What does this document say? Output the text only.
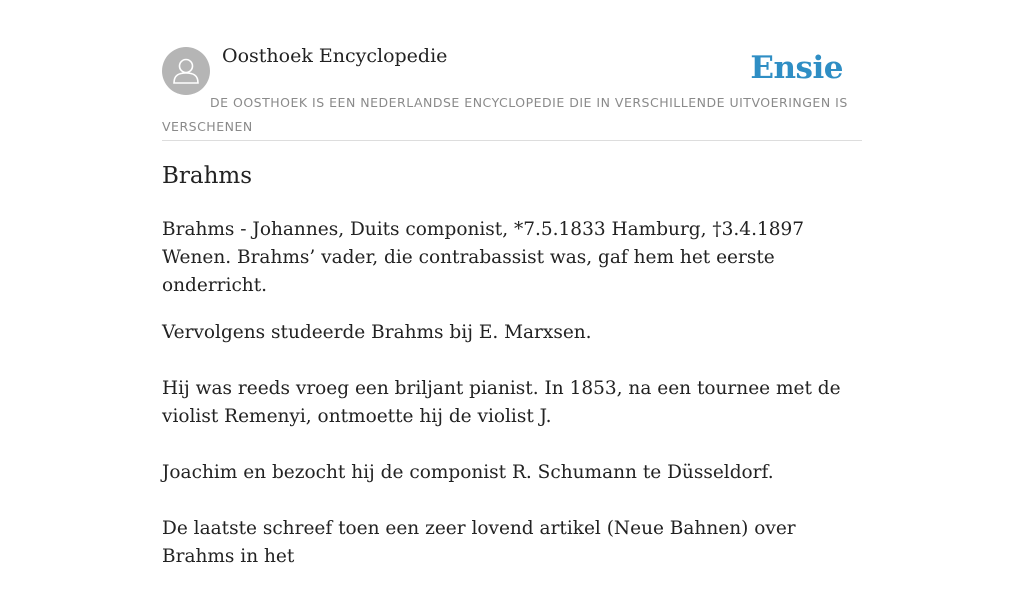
Oosthoek Encyclopedie	Ensie
DE OOSTHOEK IS EEN NEDERLANDSE ENCYCLOPEDIE DIE IN VERSCHILLENDE UITVOERINGEN IS VERSCHENEN
Brahms

Brahms - Johannes, Duits componist, *7.5.1833 Hamburg, †3.4.1897 Wenen. Brahms’ vader, die contrabassist was, gaf hem het eerste onderricht.

Vervolgens studeerde Brahms bij E. Marxsen.

Hij was reeds vroeg een briljant pianist. In 1853, na een tournee met de violist Remenyi, ontmoette hij de violist J.

Joachim en bezocht hij de componist R. Schumann te Düsseldorf.

De laatste schreef toen een zeer lovend artikel (Neue Bahnen) over Brahms in het
